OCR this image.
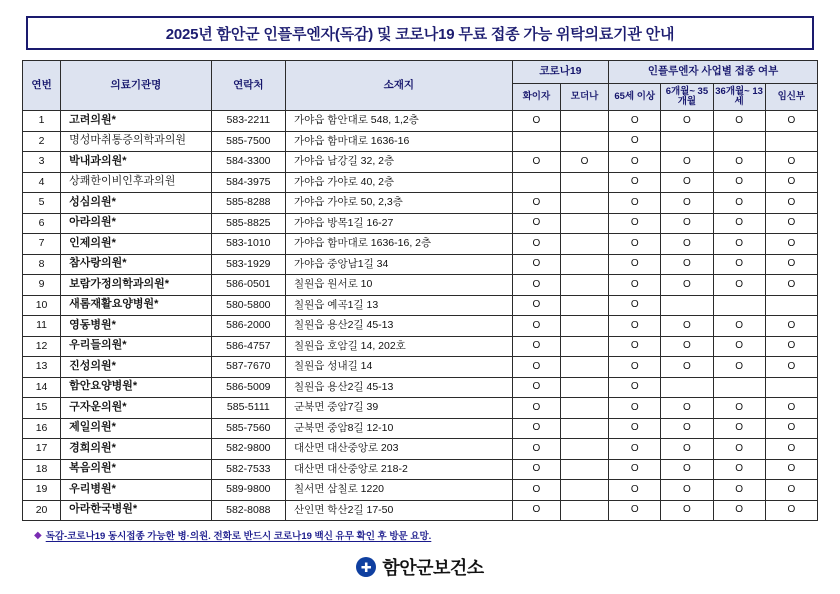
2025년 함안군 인플루엔자(독감) 및 코로나19 무료 접종 가능 위탁의료기관 안내
연번	의료기관명	연락처	소재지	코로나19		인플루엔자 사업별 접종 여부			
				화이자	모더나	65세 이상	6개월~ 35개월	36개월~ 13세	임신부
1	고려의원*	583-2211	가야읍 함안대로 548, 1,2층	O		O	O	O	O
2	명성마취통증의학과의원	585-7500	가야읍 함마대로 1636-16			O			
3	박내과의원*	584-3300	가야읍 남강길 32, 2층	O	O	O	O	O	O
4	상쾌한이비인후과의원	584-3975	가야읍 가야로 40, 2층			O	O	O	O
5	성심의원*	585-8288	가야읍 가야로 50, 2,3층	O		O	O	O	O
6	아라의원*	585-8825	가야읍 방목1길 16-27	O		O	O	O	O
7	인제의원*	583-1010	가야읍 함마대로 1636-16, 2층	O		O	O	O	O
8	참사랑의원*	583-1929	가야읍 중앙남1길 34	O		O	O	O	O
9	보람가정의학과의원*	586-0501	칠원읍 원서로 10	O		O	O	O	O
10	새롬재활요양병원*	580-5800	칠원읍 예곡1길 13	O		O			
11	영동병원*	586-2000	칠원읍 용산2길 45-13	O		O	O	O	O
12	우리들의원*	586-4757	칠원읍 호암길 14, 202호	O		O	O	O	O
13	진성의원*	587-7670	칠원읍 성내길 14	O		O	O	O	O
14	함안요양병원*	586-5009	칠원읍 용산2길 45-13	O		O			
15	구자운의원*	585-5111	군북면 중암7길 39	O		O	O	O	O
16	제일의원*	585-7560	군북면 중암8길 12-10	O		O	O	O	O
17	경희의원*	582-9800	대산면 대산중앙로 203	O		O	O	O	O
18	복음의원*	582-7533	대산면 대산중앙로 218-2	O		O	O	O	O
19	우리병원*	589-9800	칠서면 삼칠로 1220	O		O	O	O	O
20	아라한국병원*	582-8088	산인면 학산2길 17-50	O		O	O	O	O
◆ 독감-코로나19 동시접종 가능한 병·의원. 전화로 반드시 코로나19 백신 유무 확인 후 방문 요망.
✚ 함안군보건소
